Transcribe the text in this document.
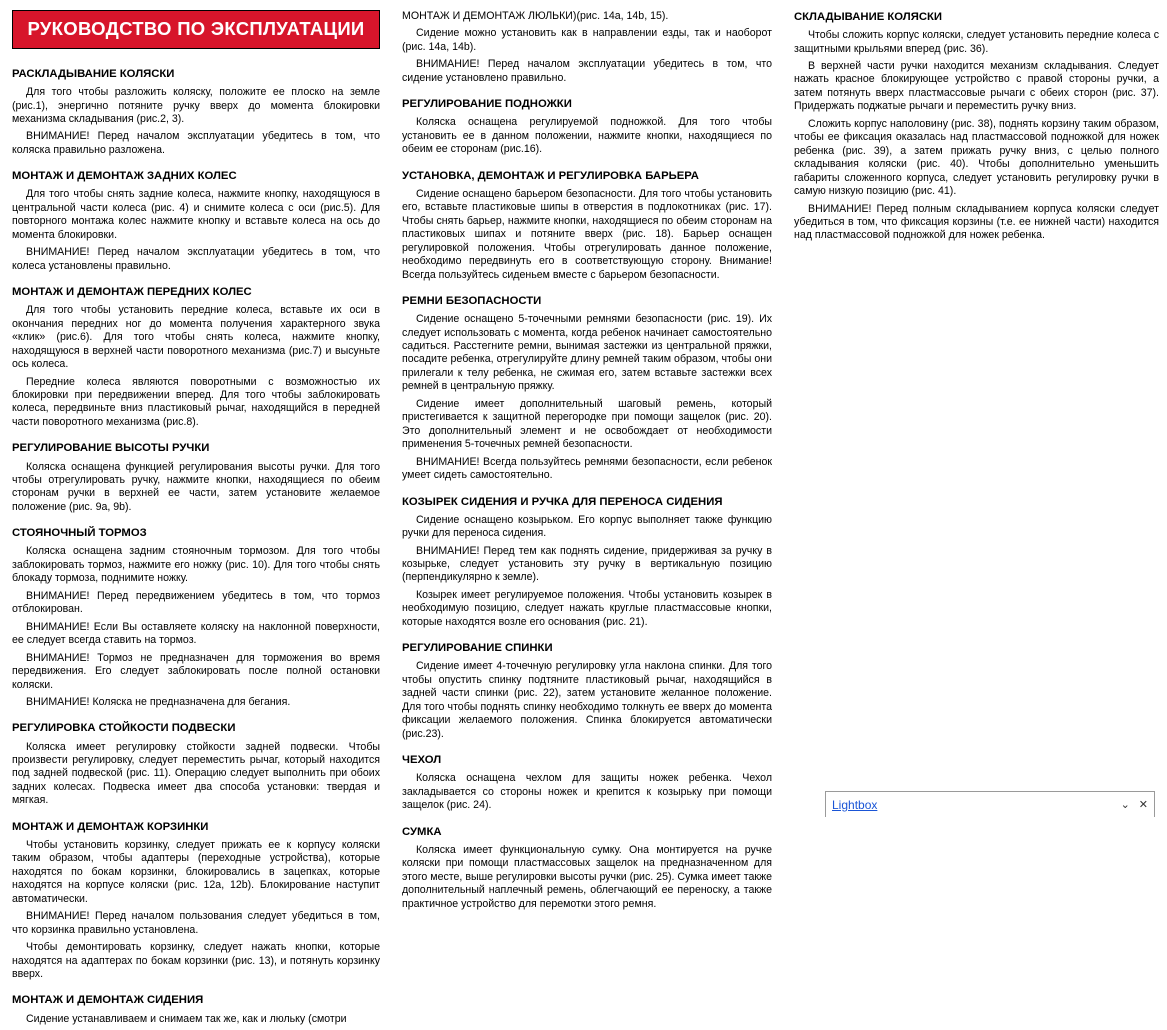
РУКОВОДСТВО ПО ЭКСПЛУАТАЦИИ
РАСКЛАДЫВАНИЕ КОЛЯСКИ

Для того чтобы разложить коляску, положите ее плоско на земле (рис.1), энергично потяните ручку вверх до момента блокировки механизма складывания (рис.2, 3).

ВНИМАНИЕ! Перед началом эксплуатации убедитесь в том, что коляска правильно разложена.

МОНТАЖ И ДЕМОНТАЖ ЗАДНИХ КОЛЕС

Для того чтобы снять задние колеса, нажмите кнопку, находящуюся в центральной части колеса (рис. 4) и снимите колеса с оси (рис.5). Для повторного монтажа колес нажмите кнопку и вставьте колеса на ось до момента блокировки.

ВНИМАНИЕ! Перед началом эксплуатации убедитесь в том, что колеса установлены правильно.

МОНТАЖ И ДЕМОНТАЖ ПЕРЕДНИХ КОЛЕС

Для того чтобы установить передние колеса, вставьте их оси в окончания передних ног до момента получения характерного звука «клик» (рис.6). Для того чтобы снять колеса, нажмите кнопку, находящуюся в верхней части поворотного механизма (рис.7) и высуньте ось колеса.

Передние колеса являются поворотными с возможностью их блокировки при передвижении вперед. Для того чтобы заблокировать колеса, передвиньте вниз пластиковый рычаг, находящийся в передней части поворотного механизма (рис.8).

РЕГУЛИРОВАНИЕ ВЫСОТЫ РУЧКИ

Коляска оснащена функцией регулирования высоты ручки. Для того чтобы отрегулировать ручку, нажмите кнопки, находящиеся по обеим сторонам ручки в верхней ее части, затем установите желаемое положение (рис. 9а, 9b).

СТОЯНОЧНЫЙ ТОРМОЗ

Коляска оснащена задним стояночным тормозом. Для того чтобы заблокировать тормоз, нажмите его ножку (рис. 10). Для того чтобы снять блокаду тормоза, поднимите ножку.

ВНИМАНИЕ! Перед передвижением убедитесь в том, что тормоз отблокирован.

ВНИМАНИЕ! Если Вы оставляете коляску на наклонной поверхности, ее следует всегда ставить на тормоз.

ВНИМАНИЕ! Тормоз не предназначен для торможения во время передвижения. Его следует заблокировать после полной остановки коляски.

ВНИМАНИЕ! Коляска не предназначена для бегания.

РЕГУЛИРОВКА СТОЙКОСТИ ПОДВЕСКИ

Коляска имеет регулировку стойкости задней подвески. Чтобы произвести регулировку, следует переместить рычаг, который находится под задней подвеской (рис. 11). Операцию следует выполнить при обоих задних колесах. Подвеска имеет два способа установки: твердая и мягкая.

МОНТАЖ И ДЕМОНТАЖ КОРЗИНКИ

Чтобы установить корзинку, следует прижать ее к корпусу коляски таким образом, чтобы адаптеры (переходные устройства), которые находятся по бокам корзинки, блокировались в зацепках, которые находятся на корпусе коляски (рис. 12а, 12b). Блокирование наступит автоматически.

ВНИМАНИЕ! Перед началом пользования следует убедиться в том, что корзинка правильно установлена.

Чтобы демонтировать корзинку, следует нажать кнопки, которые находятся на адаптерах по бокам корзинки (рис. 13), и потянуть корзинку вверх.

МОНТАЖ И ДЕМОНТАЖ СИДЕНИЯ

Сидение устанавливаем и снимаем так же, как и люльку (смотри

МОНТАЖ И ДЕМОНТАЖ ЛЮЛЬКИ)(рис. 14а, 14b, 15).

Сидение можно установить как в направлении езды, так и наоборот (рис. 14а, 14b).

ВНИМАНИЕ! Перед началом эксплуатации убедитесь в том, что сидение установлено правильно.

РЕГУЛИРОВАНИЕ ПОДНОЖКИ

Коляска оснащена регулируемой подножкой. Для того чтобы установить ее в данном положении, нажмите кнопки, находящиеся по обеим ее сторонам (рис.16).

УСТАНОВКА, ДЕМОНТАЖ И РЕГУЛИРОВКА БАРЬЕРА

Сидение оснащено барьером безопасности. Для того чтобы установить его, вставьте пластиковые шипы в отверстия в подлокотниках (рис. 17). Чтобы снять барьер, нажмите кнопки, находящиеся по обеим сторонам на пластиковых шипах и потяните вверх (рис. 18). Барьер оснащен регулировкой положения. Чтобы отрегулировать данное положение, необходимо передвинуть его в соответствующую сторону. Внимание! Всегда пользуйтесь сиденьем вместе с барьером безопасности.

РЕМНИ БЕЗОПАСНОСТИ

Сидение оснащено 5-точечными ремнями безопасности (рис. 19). Их следует использовать с момента, когда ребенок начинает самостоятельно садиться. Расстегните ремни, вынимая застежки из центральной пряжки, посадите ребенка, отрегулируйте длину ремней таким образом, чтобы они прилегали к телу ребенка, не сжимая его, затем вставьте застежки всех ремней в центральную пряжку.

Сидение имеет дополнительный шаговый ремень, который пристегивается к защитной перегородке при помощи защелок (рис. 20). Это дополнительный элемент и не освобождает от необходимости применения 5-точечных ремней безопасности.

ВНИМАНИЕ! Всегда пользуйтесь ремнями безопасности, если ребенок умеет сидеть самостоятельно.

КОЗЫРЕК СИДЕНИЯ И РУЧКА ДЛЯ ПЕРЕНОСА СИДЕНИЯ

Сидение оснащено козырьком. Его корпус выполняет также функцию ручки для переноса сидения.

ВНИМАНИЕ! Перед тем как поднять сидение, придерживая за ручку в козырьке, следует установить эту ручку в вертикальную позицию (перпендикулярно к земле).

Козырек имеет регулируемое положения. Чтобы установить козырек в необходимую позицию, следует нажать круглые пластмассовые кнопки, которые находятся возле его основания (рис. 21).

РЕГУЛИРОВАНИЕ СПИНКИ

Сидение имеет 4-точечную регулировку угла наклона спинки. Для того чтобы опустить спинку подтяните пластиковый рычаг, находящийся в задней части спинки (рис. 22), затем установите желанное положение. Для того чтобы поднять спинку необходимо толкнуть ее вверх до момента фиксации желаемого положения. Спинка блокируется автоматически (рис.23).

ЧЕХОЛ

Коляска оснащена чехлом для защиты ножек ребенка. Чехол закладывается со стороны ножек и крепится к козырьку при помощи защелок (рис. 24).

СУМКА

Коляска имеет функциональную сумку. Она монтируется на ручке коляски при помощи пластмассовых защелок на предназначенном для этого месте, выше регулировки высоты ручки (рис. 25). Сумка имеет также дополнительный наплечный ремень, облегчающий ее переноску, а также практичное устройство для перемотки этого ремня.

СКЛАДЫВАНИЕ КОЛЯСКИ

Чтобы сложить корпус коляски, следует установить передние колеса с защитными крыльями вперед (рис. 36).

В верхней части ручки находится механизм складывания. Следует нажать красное блокирующее устройство с правой стороны ручки, а затем потянуть вверх пластмассовые рычаги с обеих сторон (рис. 37). Придержать поджатые рычаги и переместить ручку вниз.

Сложить корпус наполовину (рис. 38), поднять корзину таким образом, чтобы ее фиксация оказалась над пластмассовой подножкой для ножек ребенка (рис. 39), а затем прижать ручку вниз, с целью полного складывания коляски (рис. 40). Чтобы дополнительно уменьшить габариты сложенного корпуса, следует установить регулировку ручки в самую низкую позицию (рис. 41).

ВНИМАНИЕ! Перед полным складыванием корпуса коляски следует убедиться в том, что фиксация корзины (т.е. ее нижней части) находится над пластмассовой подножкой для ножек ребенка.

Lightbox	⌄ ✕
